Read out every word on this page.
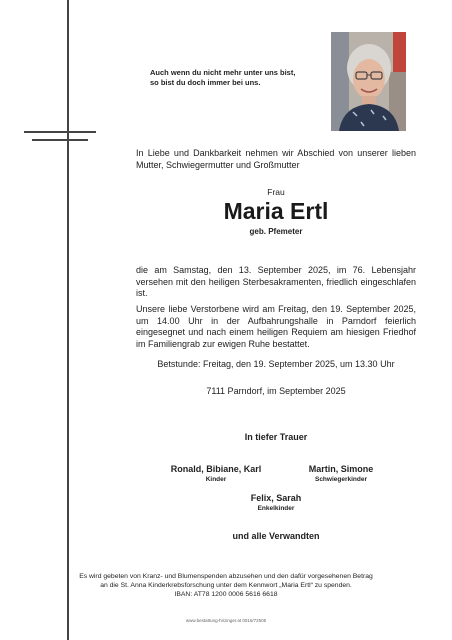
Auch wenn du nicht mehr unter uns bist,
so bist du doch immer bei uns.
In Liebe und Dankbarkeit nehmen wir Abschied von unserer lieben Mutter, Schwiegermutter und Großmutter
Frau
Maria Ertl
geb. Pfemeter
die am Samstag, den 13. September 2025, im 76. Lebensjahr versehen mit den heiligen Sterbesakramenten, friedlich eingeschlafen ist.
Unsere liebe Verstorbene wird am Freitag, den 19. September 2025, um 14.00 Uhr in der Aufbahrungshalle in Parndorf feierlich eingesegnet und nach einem heiligen Requiem am hiesigen Friedhof im Familiengrab zur ewigen Ruhe bestattet.
Betstunde: Freitag, den 19. September 2025, um 13.30 Uhr
7111 Parndorf, im September 2025
In tiefer Trauer
Ronald, Bibiane, Karl
Kinder
Martin, Simone
Schwiegerkinder
Felix, Sarah
Enkelkinder
und alle Verwandten
Es wird gebeten von Kranz- und Blumenspenden abzusehen und den dafür vorgesehenen Betrag
an die St. Anna Kinderkrebsforschung unter dem Kennwort „Maria Ertl“ zu spenden.
IBAN: AT78 1200 0006 5616 6618
www.bestattung-hrizinger.at 0016/72505
